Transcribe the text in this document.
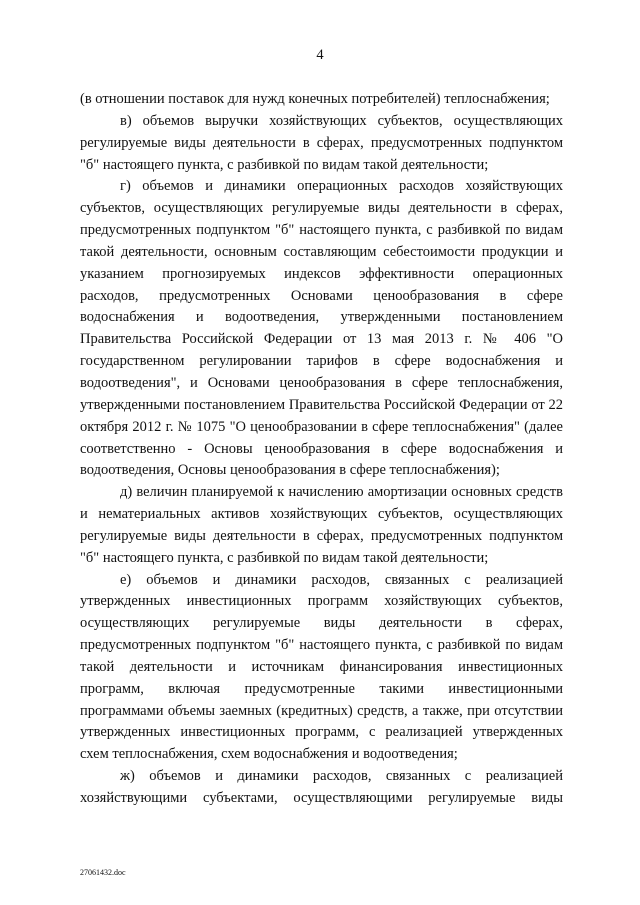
4

(в отношении поставок для нужд конечных потребителей) теплоснабжения;

в) объемов выручки хозяйствующих субъектов, осуществляющих регулируемые виды деятельности в сферах, предусмотренных подпунктом "б" настоящего пункта, с разбивкой по видам такой деятельности;

г) объемов и динамики операционных расходов хозяйствующих субъектов, осуществляющих регулируемые виды деятельности в сферах, предусмотренных подпунктом "б" настоящего пункта, с разбивкой по видам такой деятельности, основным составляющим себестоимости продукции и указанием прогнозируемых индексов эффективности операционных расходов, предусмотренных Основами ценообразования в сфере водоснабжения и водоотведения, утвержденными постановлением Правительства Российской Федерации от 13 мая 2013 г. № 406 "О государственном регулировании тарифов в сфере водоснабжения и водоотведения", и Основами ценообразования в сфере теплоснабжения, утвержденными постановлением Правительства Российской Федерации от 22 октября 2012 г. № 1075 "О ценообразовании в сфере теплоснабжения" (далее соответственно - Основы ценообразования в сфере водоснабжения и водоотведения, Основы ценообразования в сфере теплоснабжения);

д) величин планируемой к начислению амортизации основных средств и нематериальных активов хозяйствующих субъектов, осуществляющих регулируемые виды деятельности в сферах, предусмотренных подпунктом "б" настоящего пункта, с разбивкой по видам такой деятельности;

е) объемов и динамики расходов, связанных с реализацией утвержденных инвестиционных программ хозяйствующих субъектов, осуществляющих регулируемые виды деятельности в сферах, предусмотренных подпунктом "б" настоящего пункта, с разбивкой по видам такой деятельности и источникам финансирования инвестиционных программ, включая предусмотренные такими инвестиционными программами объемы заемных (кредитных) средств, а также, при отсутствии утвержденных инвестиционных программ, с реализацией утвержденных схем теплоснабжения, схем водоснабжения и водоотведения;

ж) объемов и динамики расходов, связанных с реализацией хозяйствующими субъектами, осуществляющими регулируемые виды

27061432.doc
